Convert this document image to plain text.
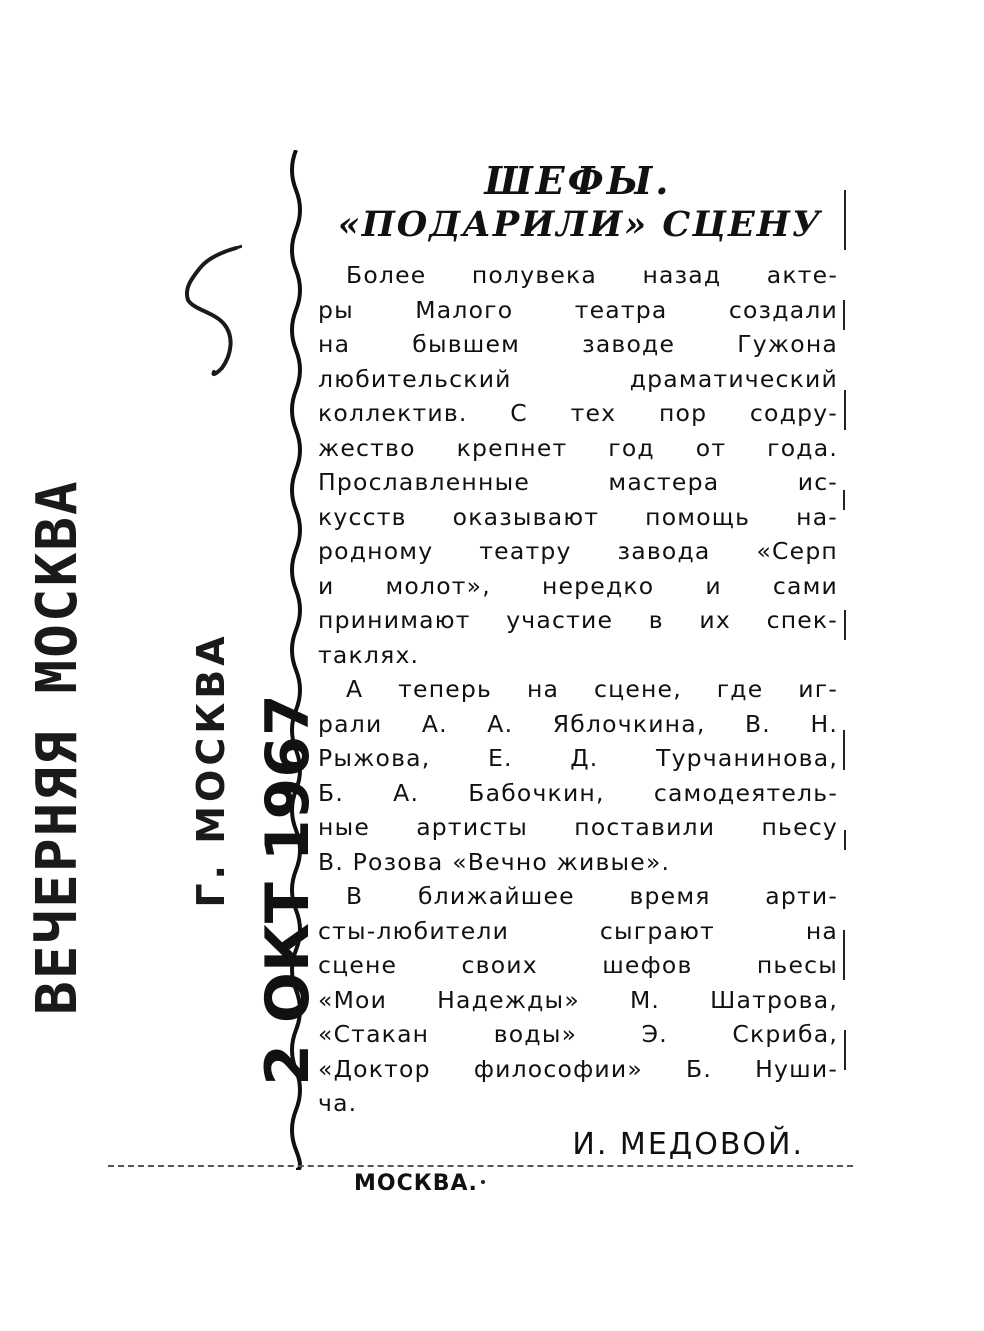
ВЕЧЕРНЯЯ МОСКВА	Г. МОСКВА 2 ОКТ 1967
ШЕФЫ.
«ПОДАРИЛИ» СЦЕНУ
Более полувека назад акте-
ры Малого театра создали
на бывшем заводе Гужона
любительский драматический
коллектив. С тех пор содру-
жество крепнет год от года.
Прославленные мастера ис-
кусств оказывают помощь на-
родному театру завода «Серп
и молот», нередко и сами
принимают участие в их спек-
таклях.
А теперь на сцене, где иг-
рали А. А. Яблочкина, В. Н.
Рыжова, Е. Д. Турчанинова,
Б. А. Бабочкин, самодеятель-
ные артисты поставили пьесу
В. Розова «Вечно живые».
В ближайшее время арти-
сты-любители сыграют на
сцене своих шефов пьесы
«Мои Надежды» М. Шатрова,
«Стакан воды» Э. Скриба,
«Доктор философии» Б. Нуши-
ча.
И. МЕДОВОЙ.
МОСКВА.
